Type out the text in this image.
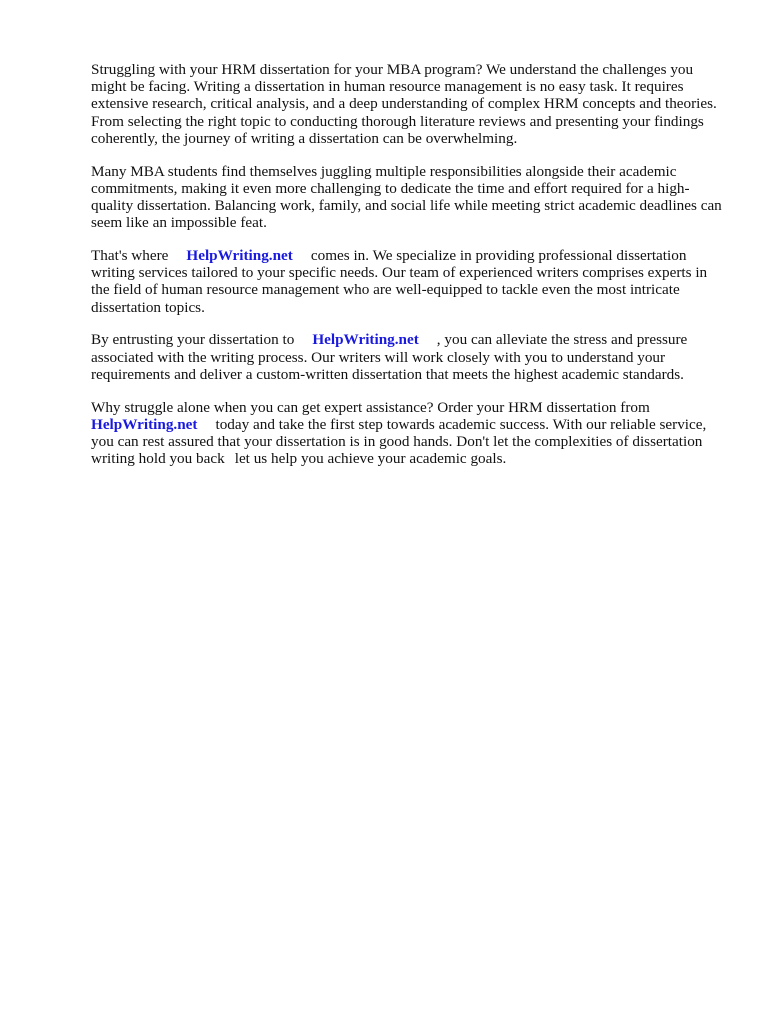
Struggling with your HRM dissertation for your MBA program? We understand the challenges you might be facing. Writing a dissertation in human resource management is no easy task. It requires extensive research, critical analysis, and a deep understanding of complex HRM concepts and theories. From selecting the right topic to conducting thorough literature reviews and presenting your findings coherently, the journey of writing a dissertation can be overwhelming.

Many MBA students find themselves juggling multiple responsibilities alongside their academic commitments, making it even more challenging to dedicate the time and effort required for a high-quality dissertation. Balancing work, family, and social life while meeting strict academic deadlines can seem like an impossible feat.

That's where HelpWriting.net comes in. We specialize in providing professional dissertation writing services tailored to your specific needs. Our team of experienced writers comprises experts in the field of human resource management who are well-equipped to tackle even the most intricate dissertation topics.

By entrusting your dissertation to HelpWriting.net , you can alleviate the stress and pressure associated with the writing process. Our writers will work closely with you to understand your requirements and deliver a custom-written dissertation that meets the highest academic standards.

Why struggle alone when you can get expert assistance? Order your HRM dissertation from HelpWriting.net today and take the first step towards academic success. With our reliable service, you can rest assured that your dissertation is in good hands. Don't let the complexities of dissertation writing hold you back let us help you achieve your academic goals.
